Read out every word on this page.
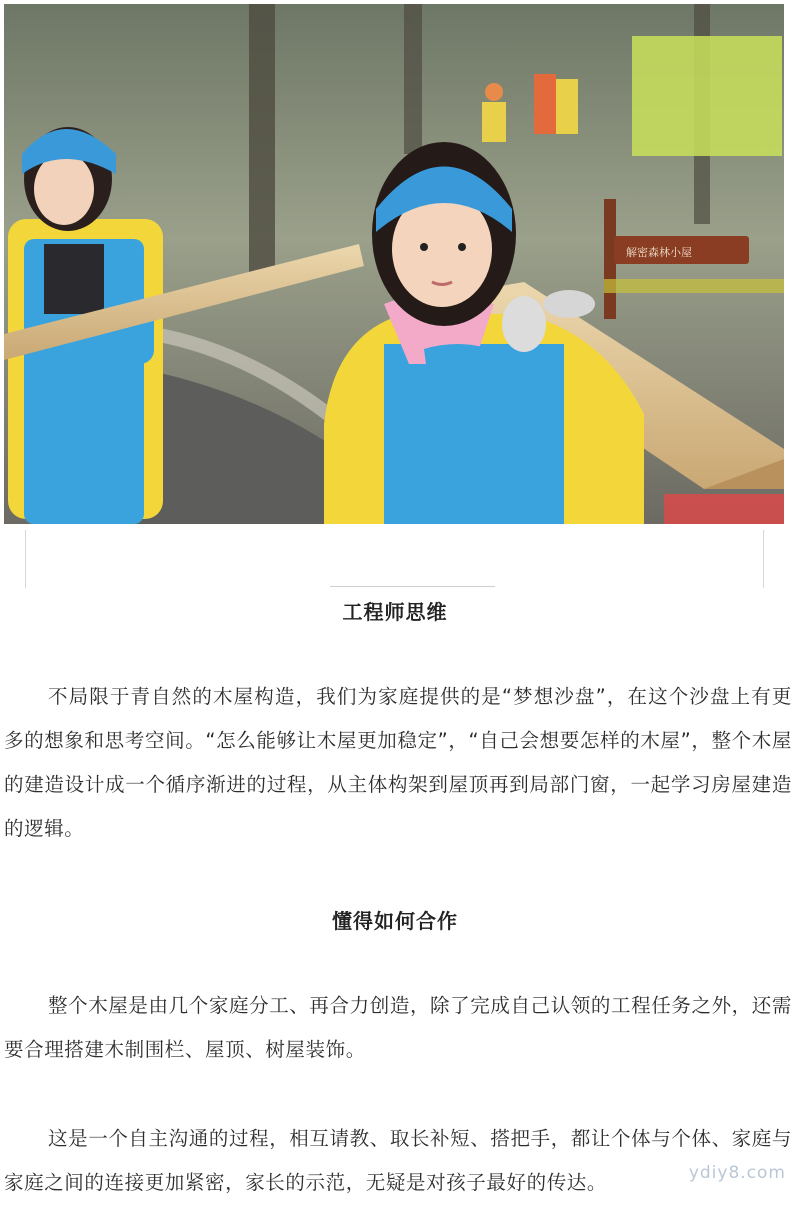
解密森林小屋
工程师思维
不局限于青自然的木屋构造，我们为家庭提供的是“梦想沙盘”，在这个沙盘上有更多的想象和思考空间。“怎么能够让木屋更加稳定”，“自己会想要怎样的木屋”，整个木屋的建造设计成一个循序渐进的过程，从主体构架到屋顶再到局部门窗，一起学习房屋建造的逻辑。
懂得如何合作
整个木屋是由几个家庭分工、再合力创造，除了完成自己认领的工程任务之外，还需要合理搭建木制围栏、屋顶、树屋装饰。
这是一个自主沟通的过程，相互请教、取长补短、搭把手，都让个体与个体、家庭与家庭之间的连接更加紧密，家长的示范，无疑是对孩子最好的传达。	ydiy8.com
